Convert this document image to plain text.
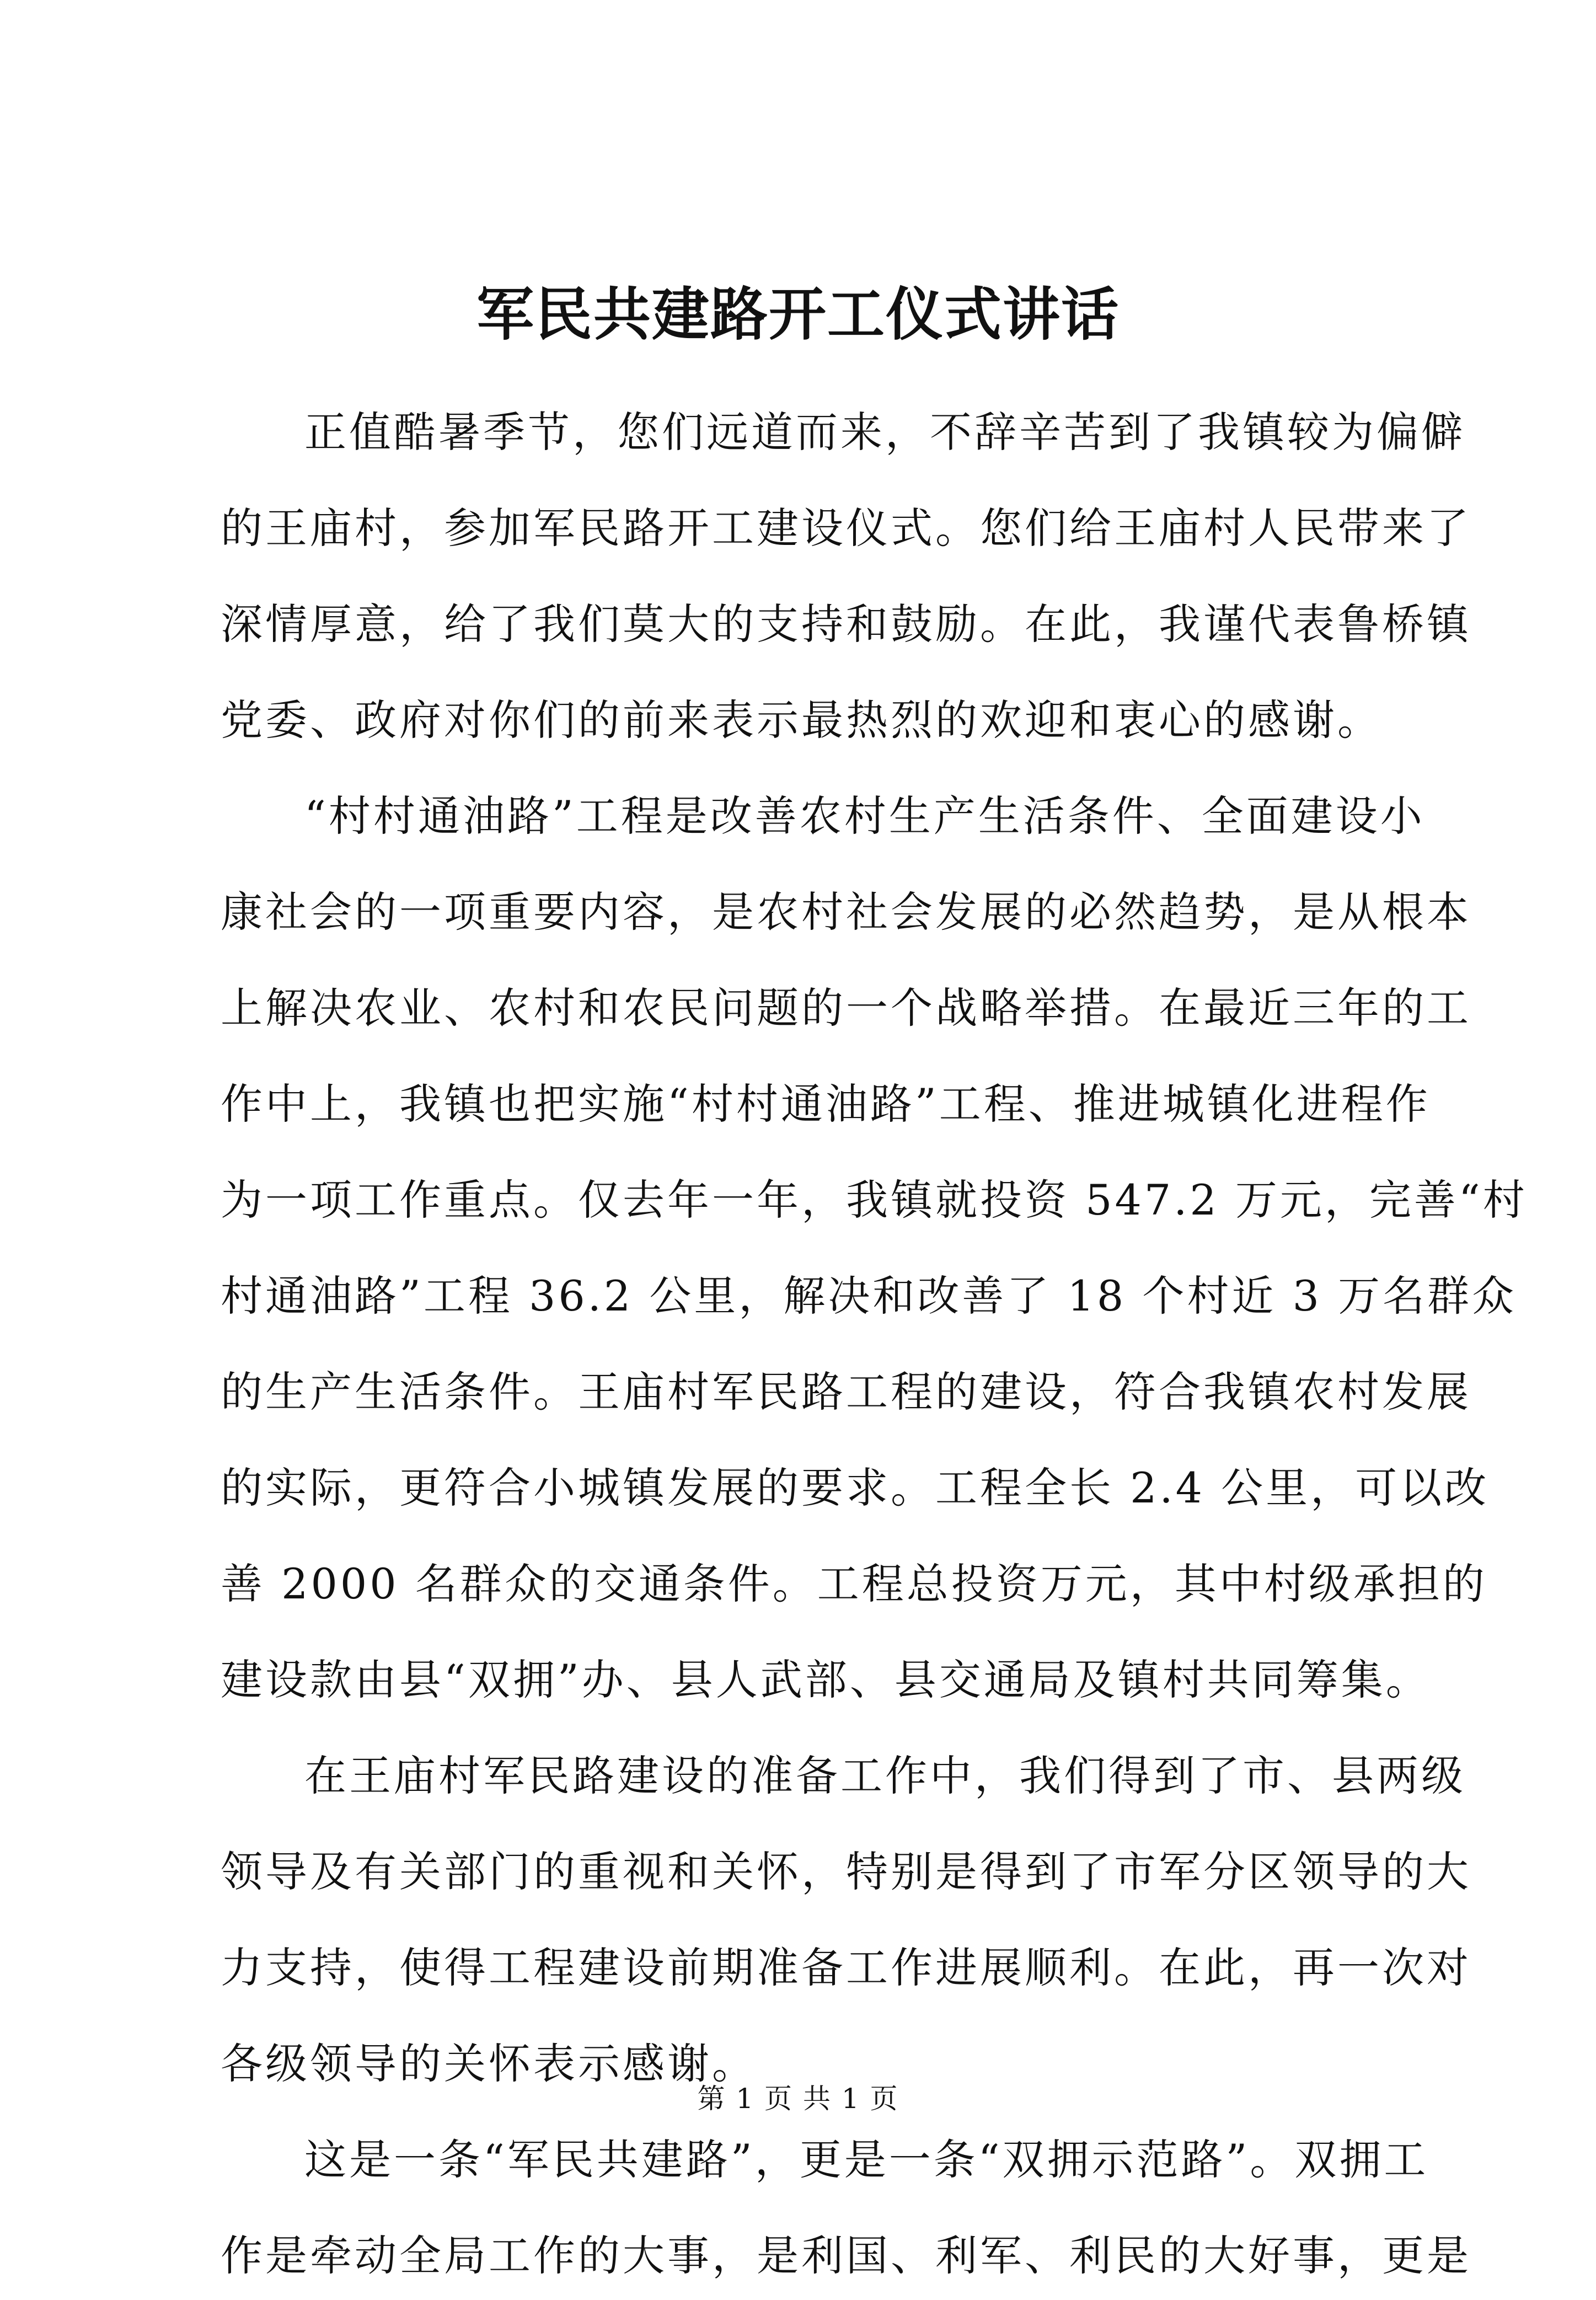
军民共建路开工仪式讲话
正值酷暑季节，您们远道而来，不辞辛苦到了我镇较为偏僻
的王庙村，参加军民路开工建设仪式。您们给王庙村人民带来了
深情厚意，给了我们莫大的支持和鼓励。在此，我谨代表鲁桥镇
党委、政府对你们的前来表示最热烈的欢迎和衷心的感谢。
“村村通油路”工程是改善农村生产生活条件、全面建设小
康社会的一项重要内容，是农村社会发展的必然趋势，是从根本
上解决农业、农村和农民问题的一个战略举措。在最近三年的工
作中上，我镇也把实施“村村通油路”工程、推进城镇化进程作
为一项工作重点。仅去年一年，我镇就投资 547.2 万元，完善“村
村通油路”工程 36.2 公里，解决和改善了 18 个村近 3 万名群众
的生产生活条件。王庙村军民路工程的建设，符合我镇农村发展
的实际，更符合小城镇发展的要求。工程全长 2.4 公里，可以改
善 2000 名群众的交通条件。工程总投资万元，其中村级承担的
建设款由县“双拥”办、县人武部、县交通局及镇村共同筹集。
在王庙村军民路建设的准备工作中，我们得到了市、县两级
领导及有关部门的重视和关怀，特别是得到了市军分区领导的大
力支持，使得工程建设前期准备工作进展顺利。在此，再一次对
各级领导的关怀表示感谢。
这是一条“军民共建路”，更是一条“双拥示范路”。双拥工
作是牵动全局工作的大事，是利国、利军、利民的大好事，更是
第 1 页 共 1 页
